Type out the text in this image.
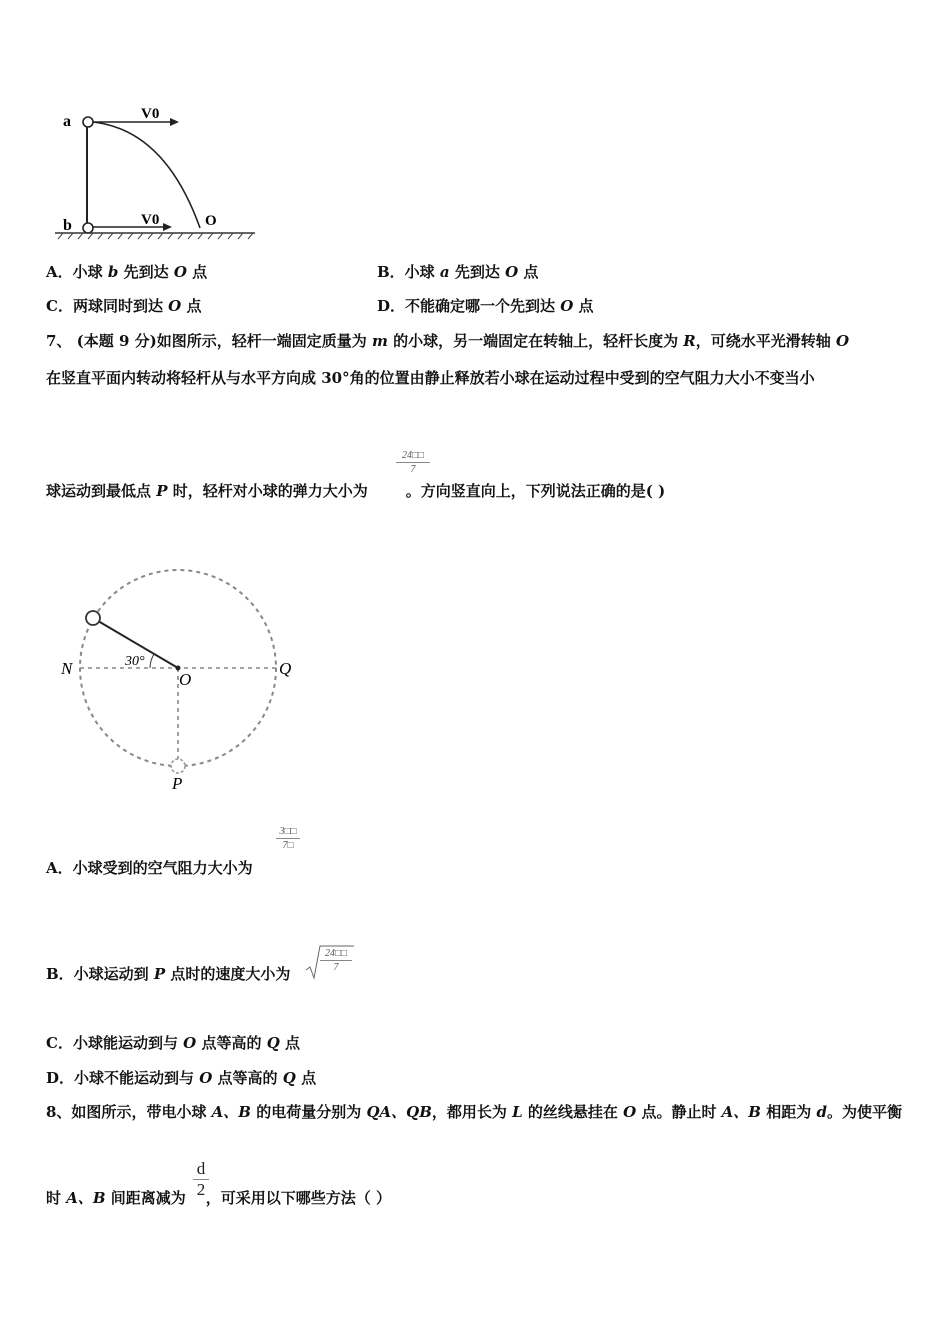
a
b
V0
V0	O
A．小球 b 先到达 O 点	B．小球 a 先到达 O 点
C．两球同时到达 O 点	D．不能确定哪一个先到达 O 点
7、 (本题 9 分)如图所示，轻杆一端固定质量为 m 的小球，另一端固定在转轴上，轻杆长度为 R，可绕水平光滑转轴 O
在竖直平面内转动将轻杆从与水平方向成 30°角的位置由静止释放若小球在运动过程中受到的空气阻力大小不变当小
24□□
7
球运动到最低点 P 时，轻杆对小球的弹力大小为	。方向竖直向上，下列说法正确的是( )
30°
N
O
Q
P
3□□
7□
A．小球受到的空气阻力大小为
B．小球运动到 P 点时的速度大小为
24□□
7
C．小球能运动到与 O 点等高的 Q 点
D．小球不能运动到与 O 点等高的 Q 点
8、如图所示，带电小球 A、B 的电荷量分别为 QA、QB，都用长为 L 的丝线悬挂在 O 点。静止时 A、B 相距为 d。为使平衡
d
2
时 A、B 间距离减为 ，可采用以下哪些方法（ ）
